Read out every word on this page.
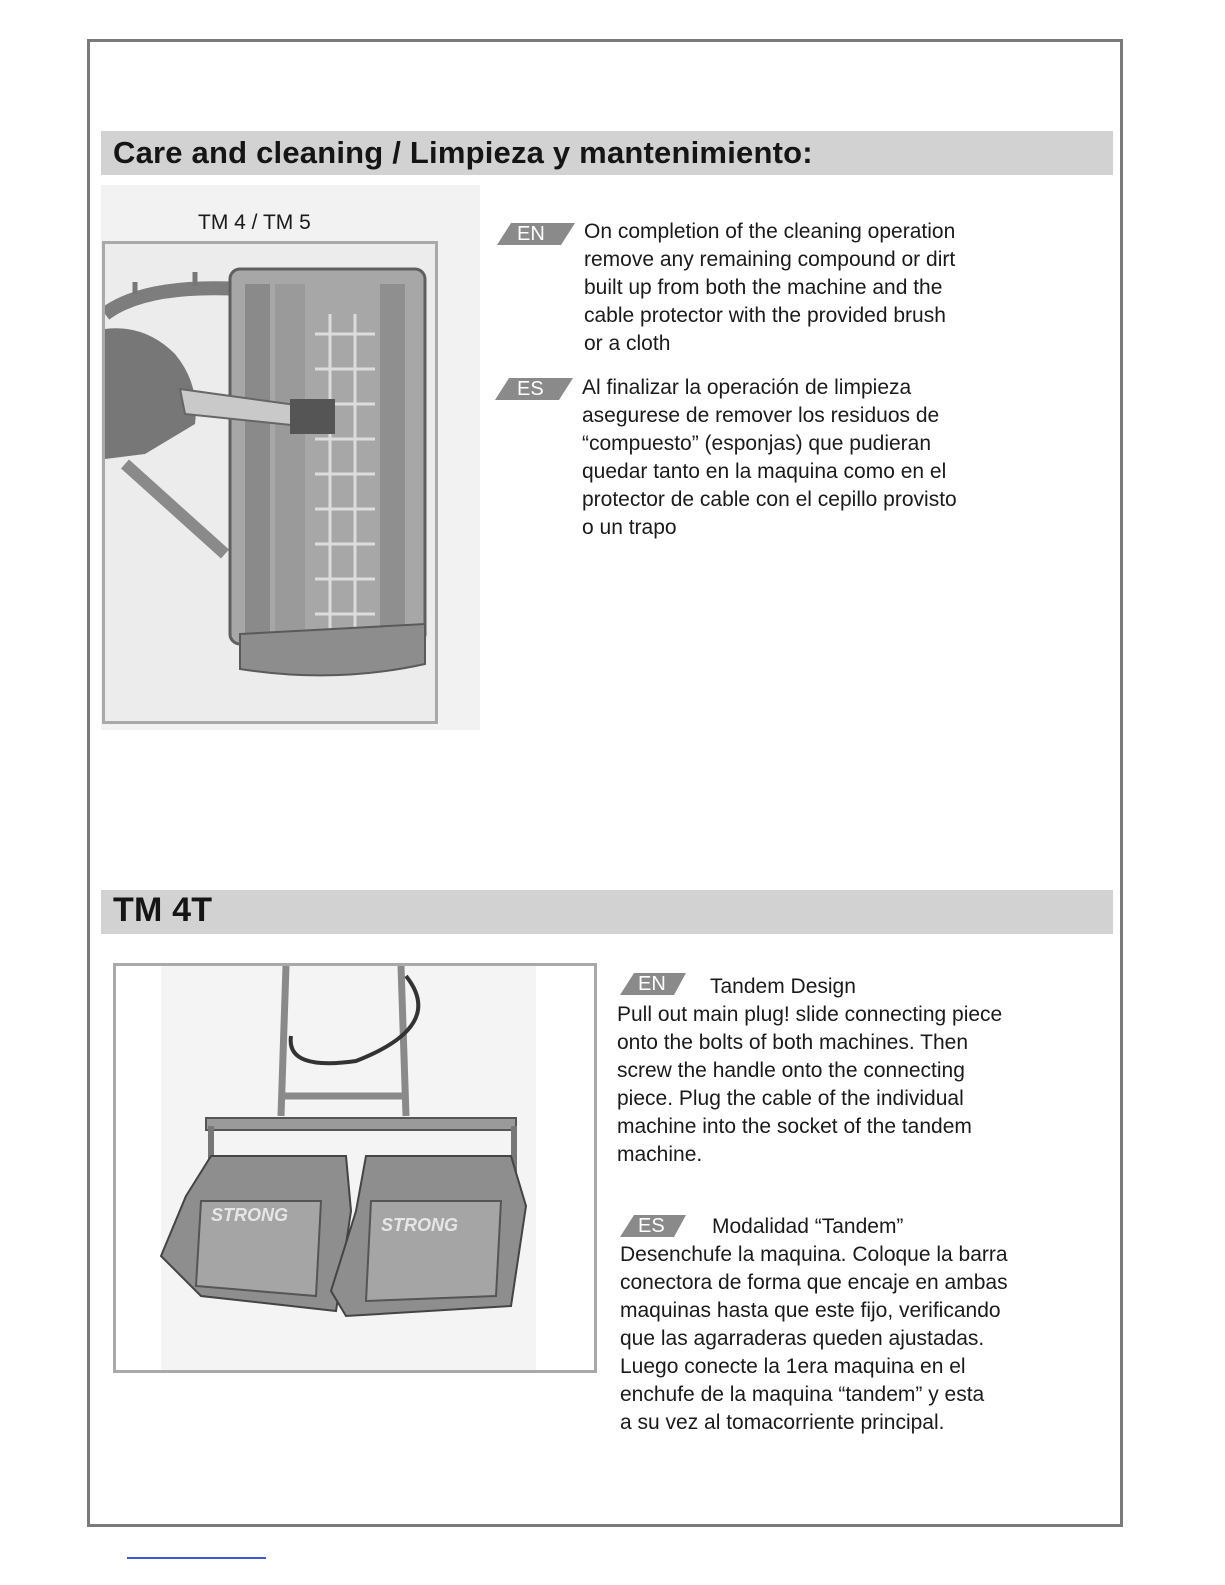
Care and cleaning / Limpieza y mantenimiento:
TM 4 / TM 5	EN On completion of the cleaning operation

remove any remaining compound or dirt

built up from both the machine and the

cable protector with the provided brush

or a cloth

ES Al finalizar la operación de limpieza

asegurese de remover los residuos de

“compuesto” (esponjas) que pudieran

quedar tanto en la maquina como en el

protector de cable con el cepillo provisto

o un trapo

TM 4T
STRONG	STRONG
EN Tandem Design

Pull out main plug! slide connecting piece

onto the bolts of both machines. Then

screw the handle onto the connecting

piece. Plug the cable of the individual

machine into the socket of the tandem

machine.

ES Modalidad “Tandem”

Desenchufe la maquina. Coloque la barra

conectora de forma que encaje en ambas

maquinas hasta que este fijo, verificando

que las agarraderas queden ajustadas.

Luego conecte la 1era maquina en el

enchufe de la maquina “tandem” y esta

a su vez al tomacorriente principal.
